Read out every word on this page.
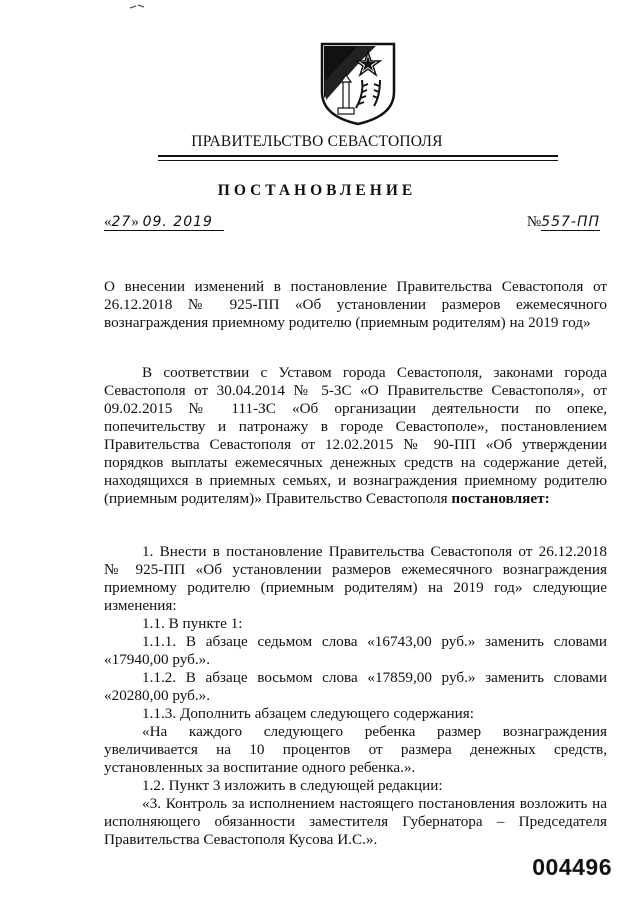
ПРАВИТЕЛЬСТВО СЕВАСТОПОЛЯ
ПОСТАНОВЛЕНИЕ
«27» 09. 2019	№557-ПП
О внесении изменений в постановление Правительства Севастополя от 26.12.2018 № 925-ПП «Об установлении размеров ежемесячного вознаграждения приемному родителю (приемным родителям) на 2019 год»

В соответствии с Уставом города Севастополя, законами города Севастополя от 30.04.2014 № 5-ЗС «О Правительстве Севастополя», от 09.02.2015 № 111-ЗС «Об организации деятельности по опеке, попечительству и патронажу в городе Севастополе», постановлением Правительства Севастополя от 12.02.2015 № 90-ПП «Об утверждении порядков выплаты ежемесячных денежных средств на содержание детей, находящихся в приемных семьях, и вознаграждения приемному родителю (приемным родителям)» Правительство Севастополя постановляет:

1. Внести в постановление Правительства Севастополя от 26.12.2018 № 925-ПП «Об установлении размеров ежемесячного вознаграждения приемному родителю (приемным родителям) на 2019 год» следующие изменения:

1.1. В пункте 1:

1.1.1. В абзаце седьмом слова «16743,00 руб.» заменить словами «17940,00 руб.».

1.1.2. В абзаце восьмом слова «17859,00 руб.» заменить словами «20280,00 руб.».

1.1.3. Дополнить абзацем следующего содержания:

«На каждого следующего ребенка размер вознаграждения увеличивается на 10 процентов от размера денежных средств, установленных за воспитание одного ребенка.».

1.2. Пункт 3 изложить в следующей редакции:

«3. Контроль за исполнением настоящего постановления возложить на исполняющего обязанности заместителя Губернатора – Председателя Правительства Севастополя Кусова И.С.».

004496
